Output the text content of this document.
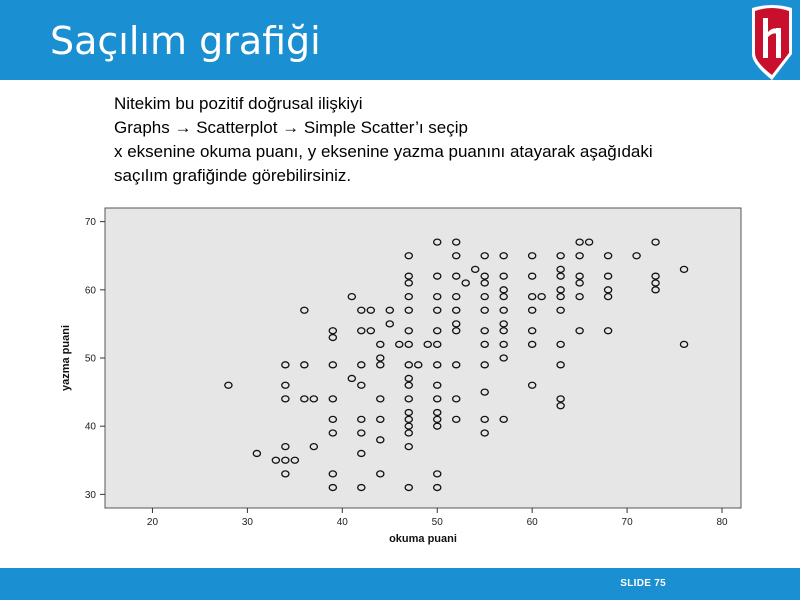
Saçılım grafiği
Nitekim bu pozitif doğrusal ilişkiyi
Graphs → Scatterplot → Simple Scatter’ı seçip
x eksenine okuma puanı, y eksenine yazma puanını atayarak aşağıdaki
saçılım grafiğinde görebilirsiniz.
20	30	40	50	60	70	80
30
40
50
60
70
okuma puani
yazma puani
SLIDE 75
